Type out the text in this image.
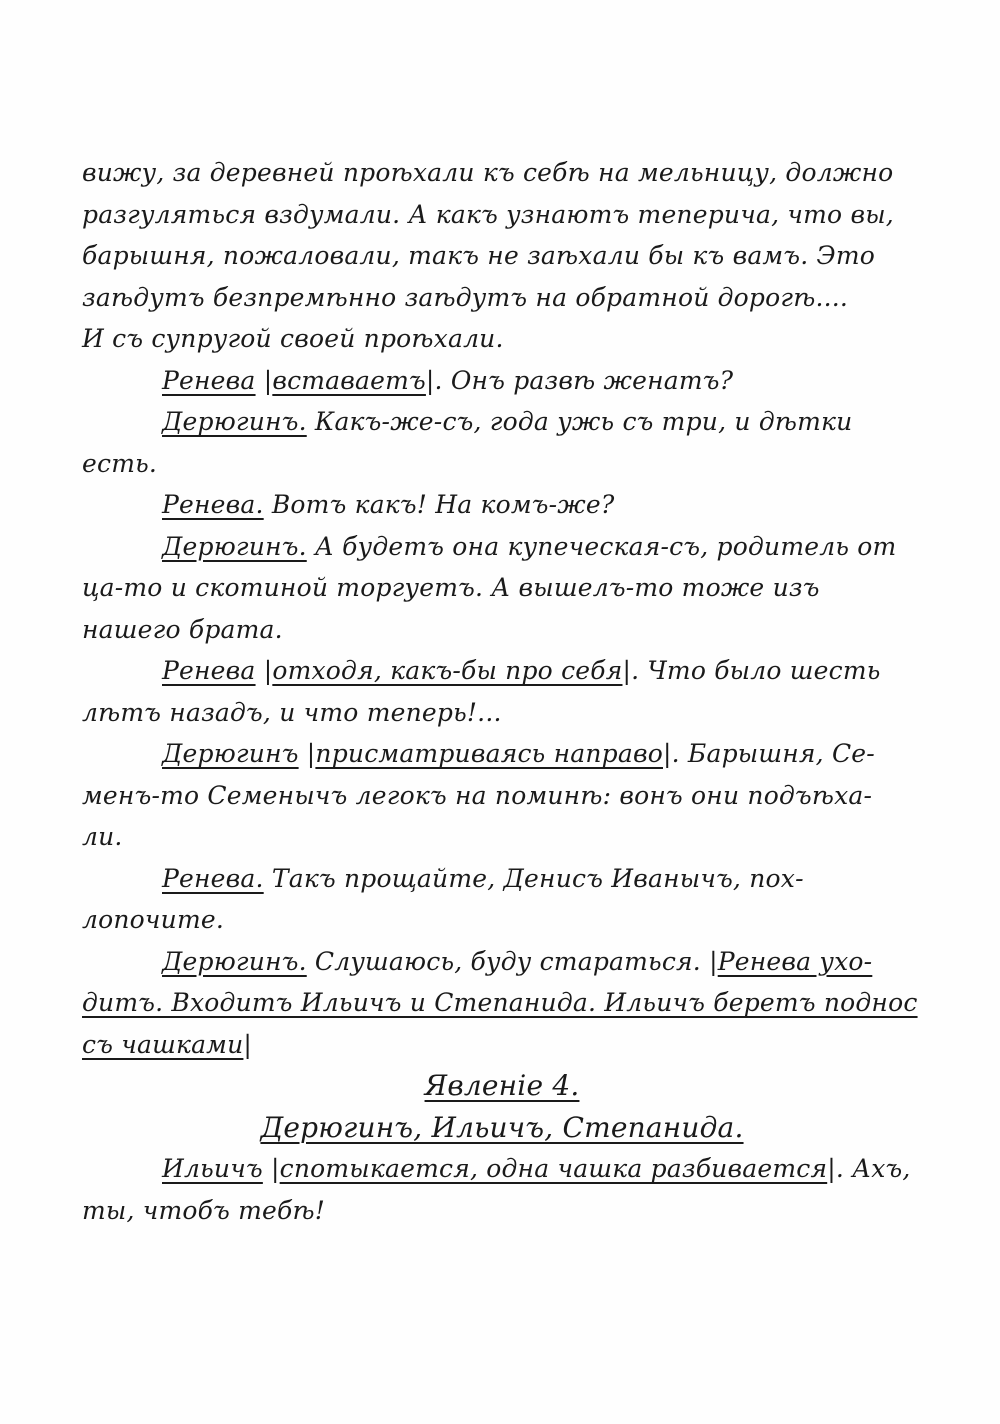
вижу, за деревней проѣхали къ себѣ на мельницу, должно
разгуляться вздумали. А какъ узнаютъ теперича, что вы,
барышня, пожаловали, такъ не заѣхали бы къ вамъ. Это
заѣдутъ безпремѣнно заѣдутъ на обратной дорогѣ....
И съ супругой своей проѣхали.
Ренева |вставаетъ|. Онъ развѣ женатъ?
Дерюгинъ. Какъ-же-съ, года ужь съ три, и дѣтки
есть.
Ренева. Вотъ какъ! На комъ-же?
Дерюгинъ. А будетъ она купеческая-съ, родитель от
ца-то и скотиной торгуетъ. А вышелъ-то тоже изъ
нашего брата.
Ренева |отходя, какъ-бы про себя|. Что было шесть
лѣтъ назадъ, и что теперь!...
Дерюгинъ |присматриваясь направо|. Барышня, Се-
менъ-то Семенычъ легокъ на поминѣ: вонъ они подъѣха-
ли.
Ренева. Такъ прощайте, Денисъ Иванычъ, пох-
лопочите.
Дерюгинъ. Слушаюсь, буду стараться. |Ренева ухо-
дитъ. Входитъ Ильичъ и Степанида. Ильичъ беретъ поднос
съ чашками|
Явленіе 4.
Дерюгинъ, Ильичъ, Степанида.
Ильичъ |спотыкается, одна чашка разбивается|. Ахъ,
ты, чтобъ тебѣ!
